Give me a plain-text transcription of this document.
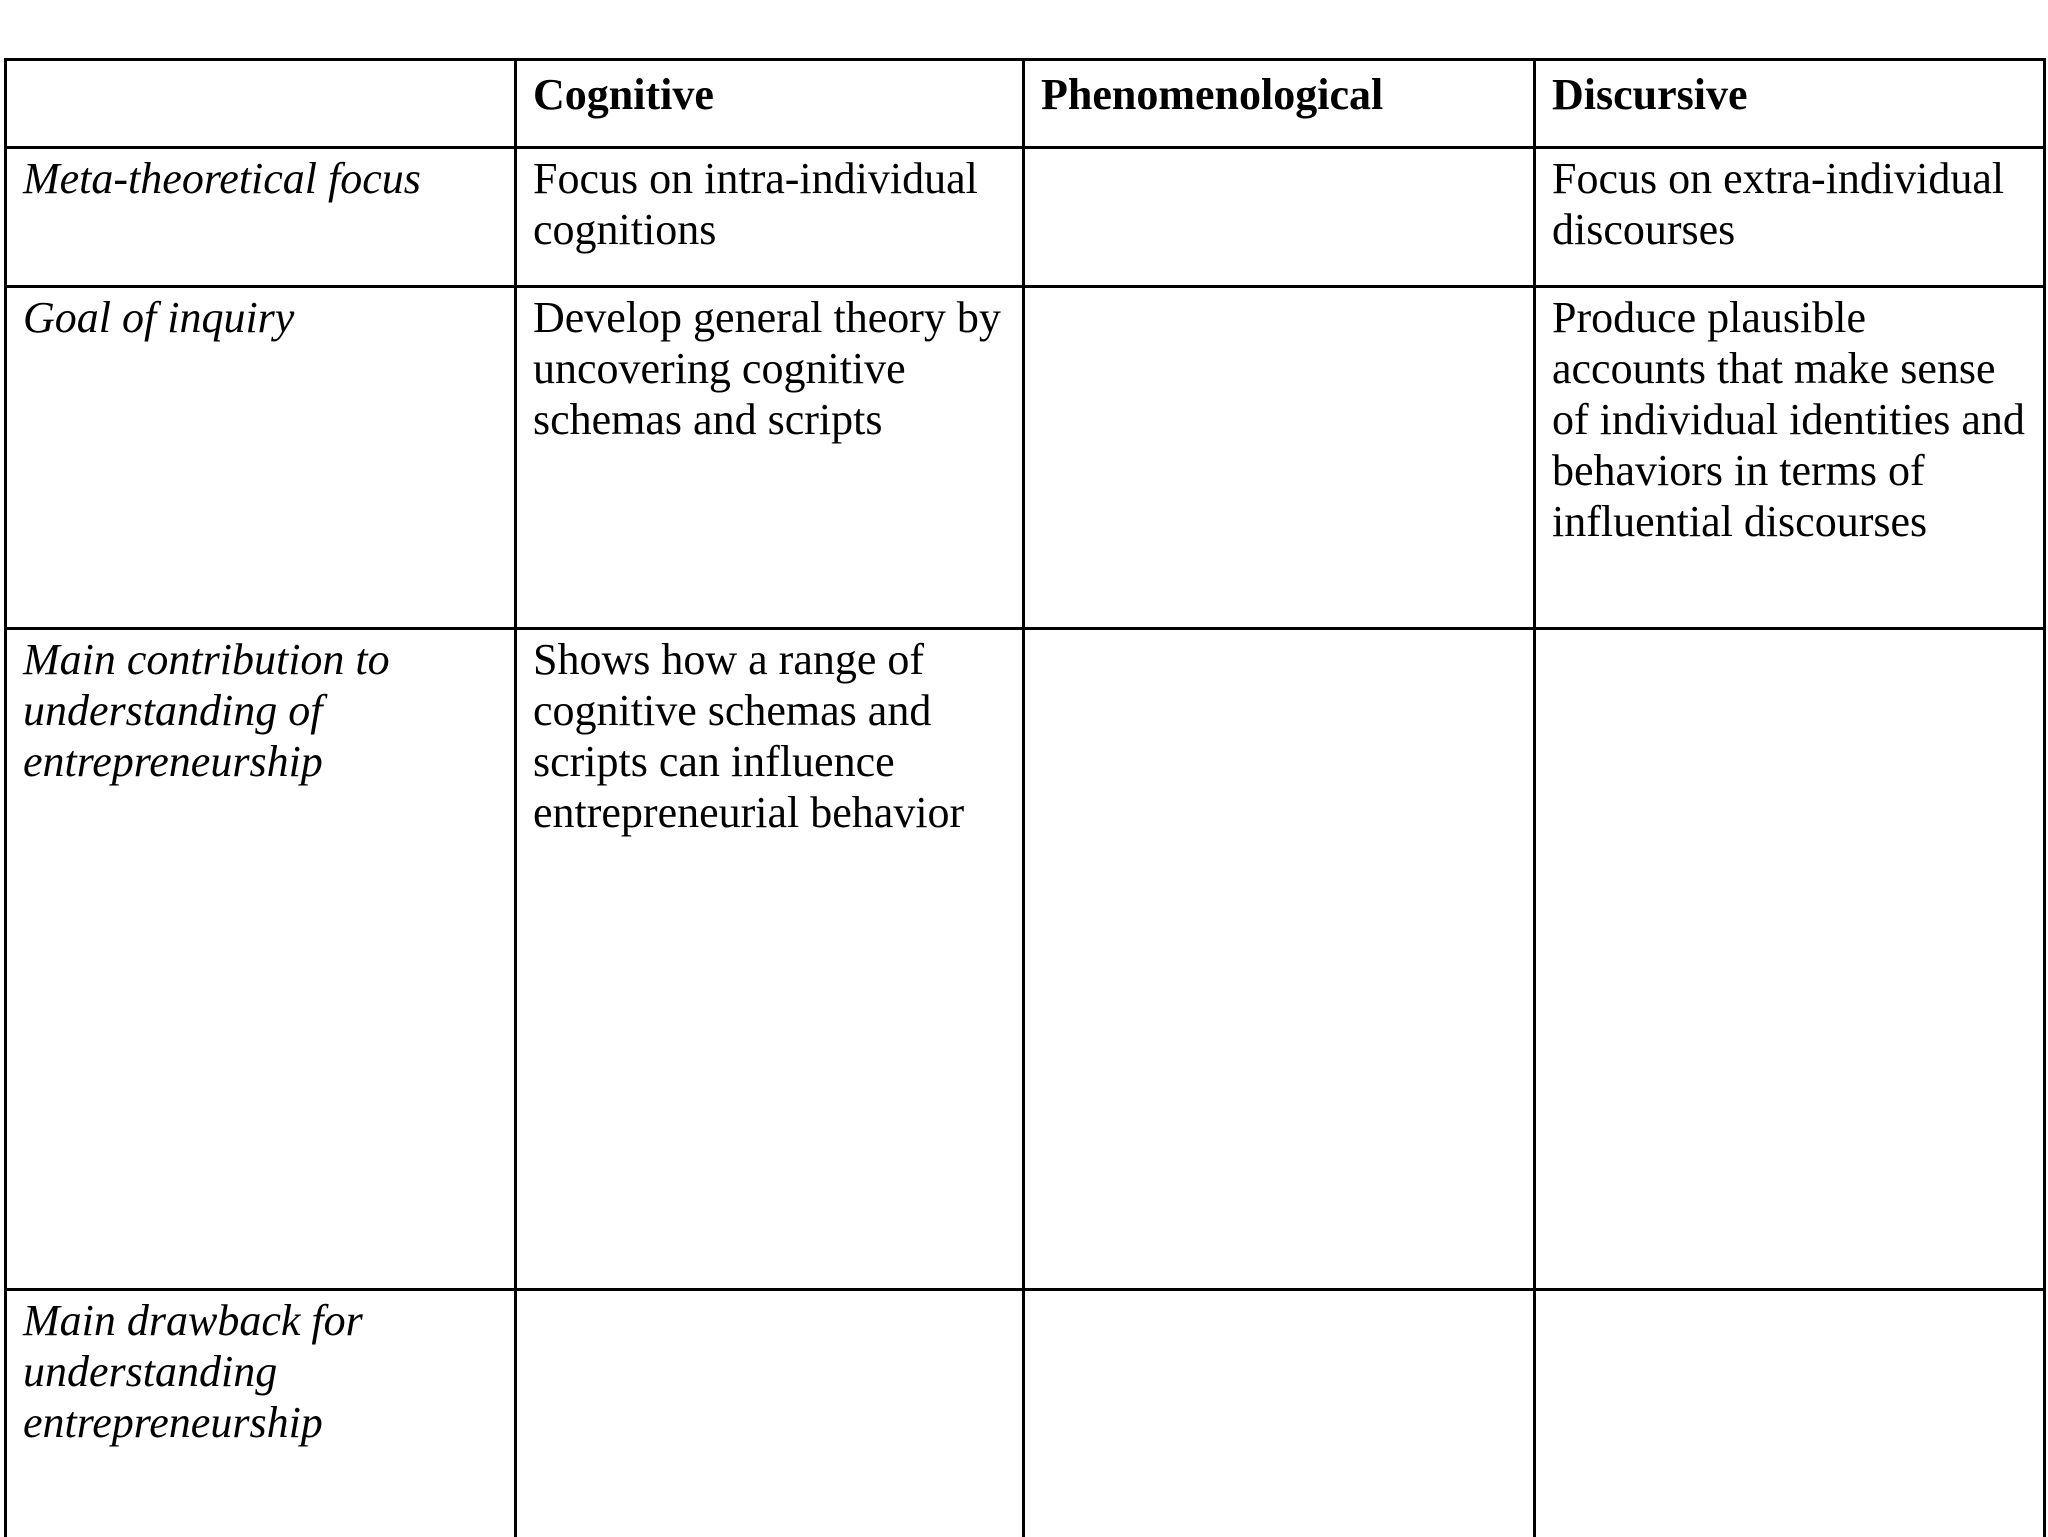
	Cognitive	Phenomenological	Discursive
Meta-theoretical focus	Focus on intra-individual cognitions		Focus on extra-individual discourses
Goal of inquiry	Develop general theory by uncovering cognitive schemas and scripts		Produce plausible accounts that make sense of individual identities and behaviors in terms of influential discourses
Main contribution to understanding of entrepreneurship	Shows how a range of cognitive schemas and scripts can influence entrepreneurial behavior		
Main drawback for understanding entrepreneurship			
